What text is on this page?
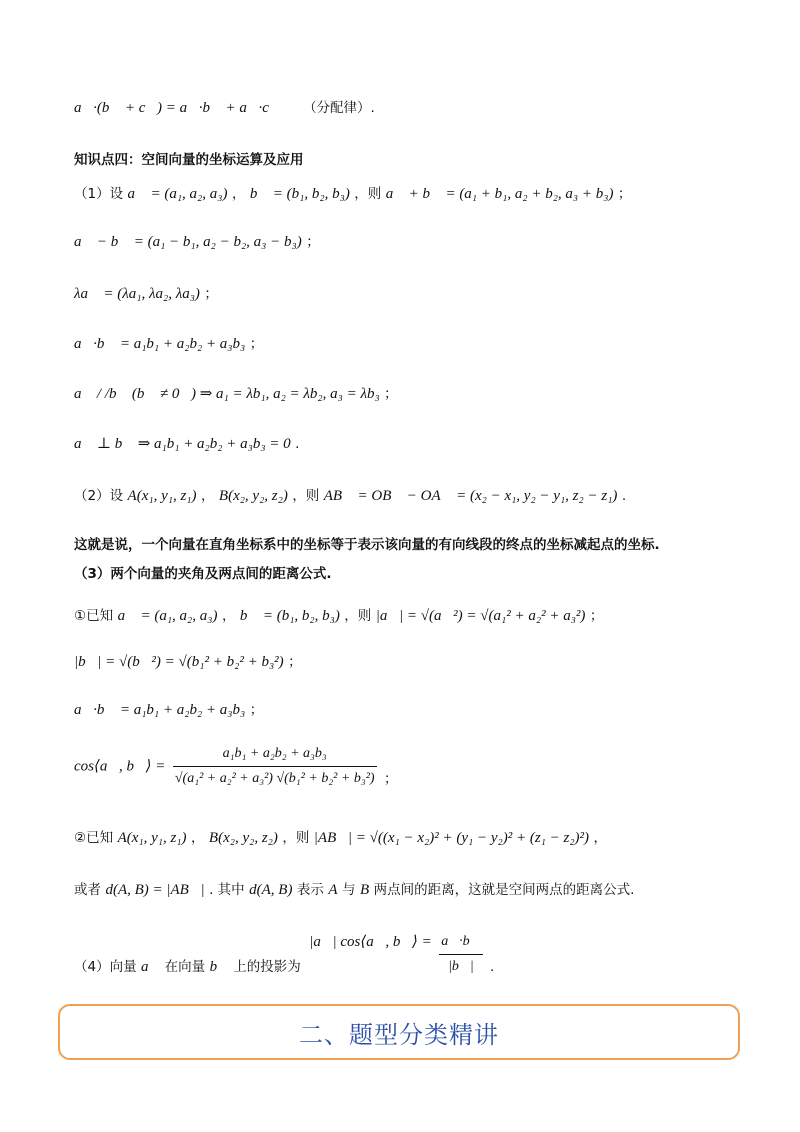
a⃗·(b⃗ + c⃗) = a⃗·b⃗ + a⃗·c⃗ （分配律）.
知识点四：空间向量的坐标运算及应用
（1）设 a⃗ = (a₁, a₂, a₃) ， b⃗ = (b₁, b₂, b₃) ，则 a⃗ + b⃗ = (a₁ + b₁, a₂ + b₂, a₃ + b₃) ；
a⃗ − b⃗ = (a₁ − b₁, a₂ − b₂, a₃ − b₃) ；
λa⃗ = (λa₁, λa₂, λa₃) ；
a⃗·b⃗ = a₁b₁ + a₂b₂ + a₃b₃ ；
a⃗ / /b⃗ (b⃗ ≠ 0⃗) ⇒ a₁ = λb₁, a₂ = λb₂, a₃ = λb₃ ；
a⃗ ⊥ b⃗ ⇒ a₁b₁ + a₂b₂ + a₃b₃ = 0 .
（2）设 A(x₁, y₁, z₁) ， B(x₂, y₂, z₂) ，则 AB⃗ = OB⃗ − OA⃗ = (x₂ − x₁, y₂ − y₁, z₂ − z₁) .
这就是说，一个向量在直角坐标系中的坐标等于表示该向量的有向线段的终点的坐标减起点的坐标.
（3）两个向量的夹角及两点间的距离公式.
①已知 a⃗ = (a₁, a₂, a₃) ， b⃗ = (b₁, b₂, b₃) ，则 |a⃗| = √(a⃗²) = √(a₁² + a₂² + a₃²) ；
|b⃗| = √(b⃗²) = √(b₁² + b₂² + b₃²) ；
a⃗·b⃗ = a₁b₁ + a₂b₂ + a₃b₃ ；
cos⟨a⃗, b⃗⟩ = $\frac{\text{a₁b₁ + a₂b₂ + a₃b₃}}{\text{√(a₁² + a₂² + a₃²) √(b₁² + b₂² + b₃²)}}$ ；
②已知 A(x₁, y₁, z₁) ， B(x₂, y₂, z₂) ，则 |AB⃗| = √((x₁ − x₂)² + (y₁ − y₂)² + (z₁ − z₂)²) ，
或者 d(A, B) = |AB⃗| . 其中 d(A, B) 表示 A 与 B 两点间的距离，这就是空间两点的距离公式.
（4）向量 a⃗ 在向量 b⃗ 上的投影为 |a⃗| cos⟨a⃗, b⃗⟩ = $\frac{a⃗\cdot b⃗}{|b⃗|}$ .
二、题型分类精讲
